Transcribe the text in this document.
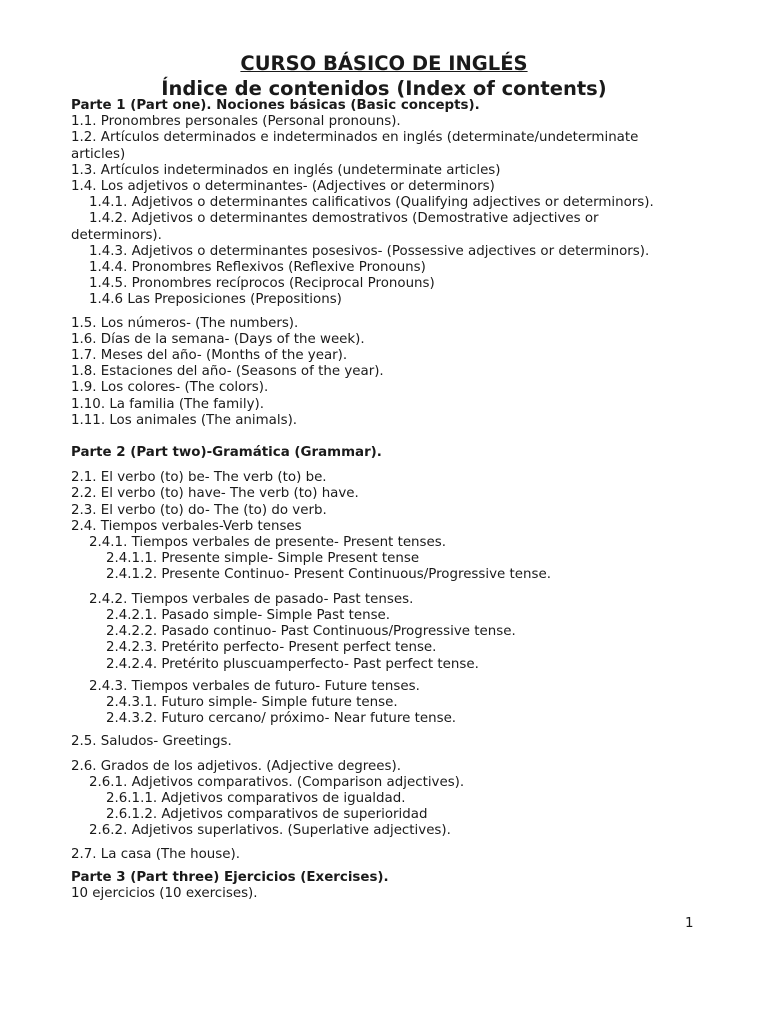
CURSO BÁSICO DE INGLÉS
Índice de contenidos (Index of contents)
Parte 1 (Part one). Nociones básicas (Basic concepts).
1.1. Pronombres personales (Personal pronouns).
1.2. Artículos determinados e indeterminados en inglés (determinate/undeterminate articles)
1.3. Artículos indeterminados en inglés (undeterminate articles)
1.4. Los adjetivos o determinantes- (Adjectives or determinors)
1.4.1. Adjetivos o determinantes calificativos (Qualifying adjectives or determinors).
1.4.2. Adjetivos o determinantes demostrativos (Demostrative adjectives or determinors).
1.4.3. Adjetivos o determinantes posesivos- (Possessive adjectives or determinors).
1.4.4. Pronombres Reflexivos (Reflexive Pronouns)
1.4.5. Pronombres recíprocos (Reciprocal Pronouns)
1.4.6 Las Preposiciones (Prepositions)
1.5. Los números- (The numbers).
1.6. Días de la semana- (Days of the week).
1.7. Meses del año- (Months of the year).
1.8. Estaciones del año- (Seasons of the year).
1.9. Los colores- (The colors).
1.10. La familia (The family).
1.11. Los animales (The animals).
Parte 2 (Part two)-Gramática (Grammar).
2.1. El verbo (to) be- The verb (to) be.
2.2. El verbo (to) have- The verb (to) have.
2.3. El verbo (to) do- The (to) do verb.
2.4. Tiempos verbales-Verb tenses
2.4.1. Tiempos verbales de presente- Present tenses.
2.4.1.1. Presente simple- Simple Present tense
2.4.1.2. Presente Continuo- Present Continuous/Progressive tense.
2.4.2. Tiempos verbales de pasado- Past tenses.
2.4.2.1. Pasado simple- Simple Past tense.
2.4.2.2. Pasado continuo- Past Continuous/Progressive tense.
2.4.2.3. Pretérito perfecto- Present perfect tense.
2.4.2.4. Pretérito pluscuamperfecto- Past perfect tense.
2.4.3. Tiempos verbales de futuro- Future tenses.
2.4.3.1. Futuro simple- Simple future tense.
2.4.3.2. Futuro cercano/ próximo- Near future tense.
2.5. Saludos- Greetings.
2.6. Grados de los adjetivos. (Adjective degrees).
2.6.1. Adjetivos comparativos. (Comparison adjectives).
2.6.1.1. Adjetivos comparativos de igualdad.
2.6.1.2. Adjetivos comparativos de superioridad
2.6.2. Adjetivos superlativos. (Superlative adjectives).
2.7. La casa (The house).
Parte 3 (Part three) Ejercicios (Exercises).
10 ejercicios (10 exercises).
1
